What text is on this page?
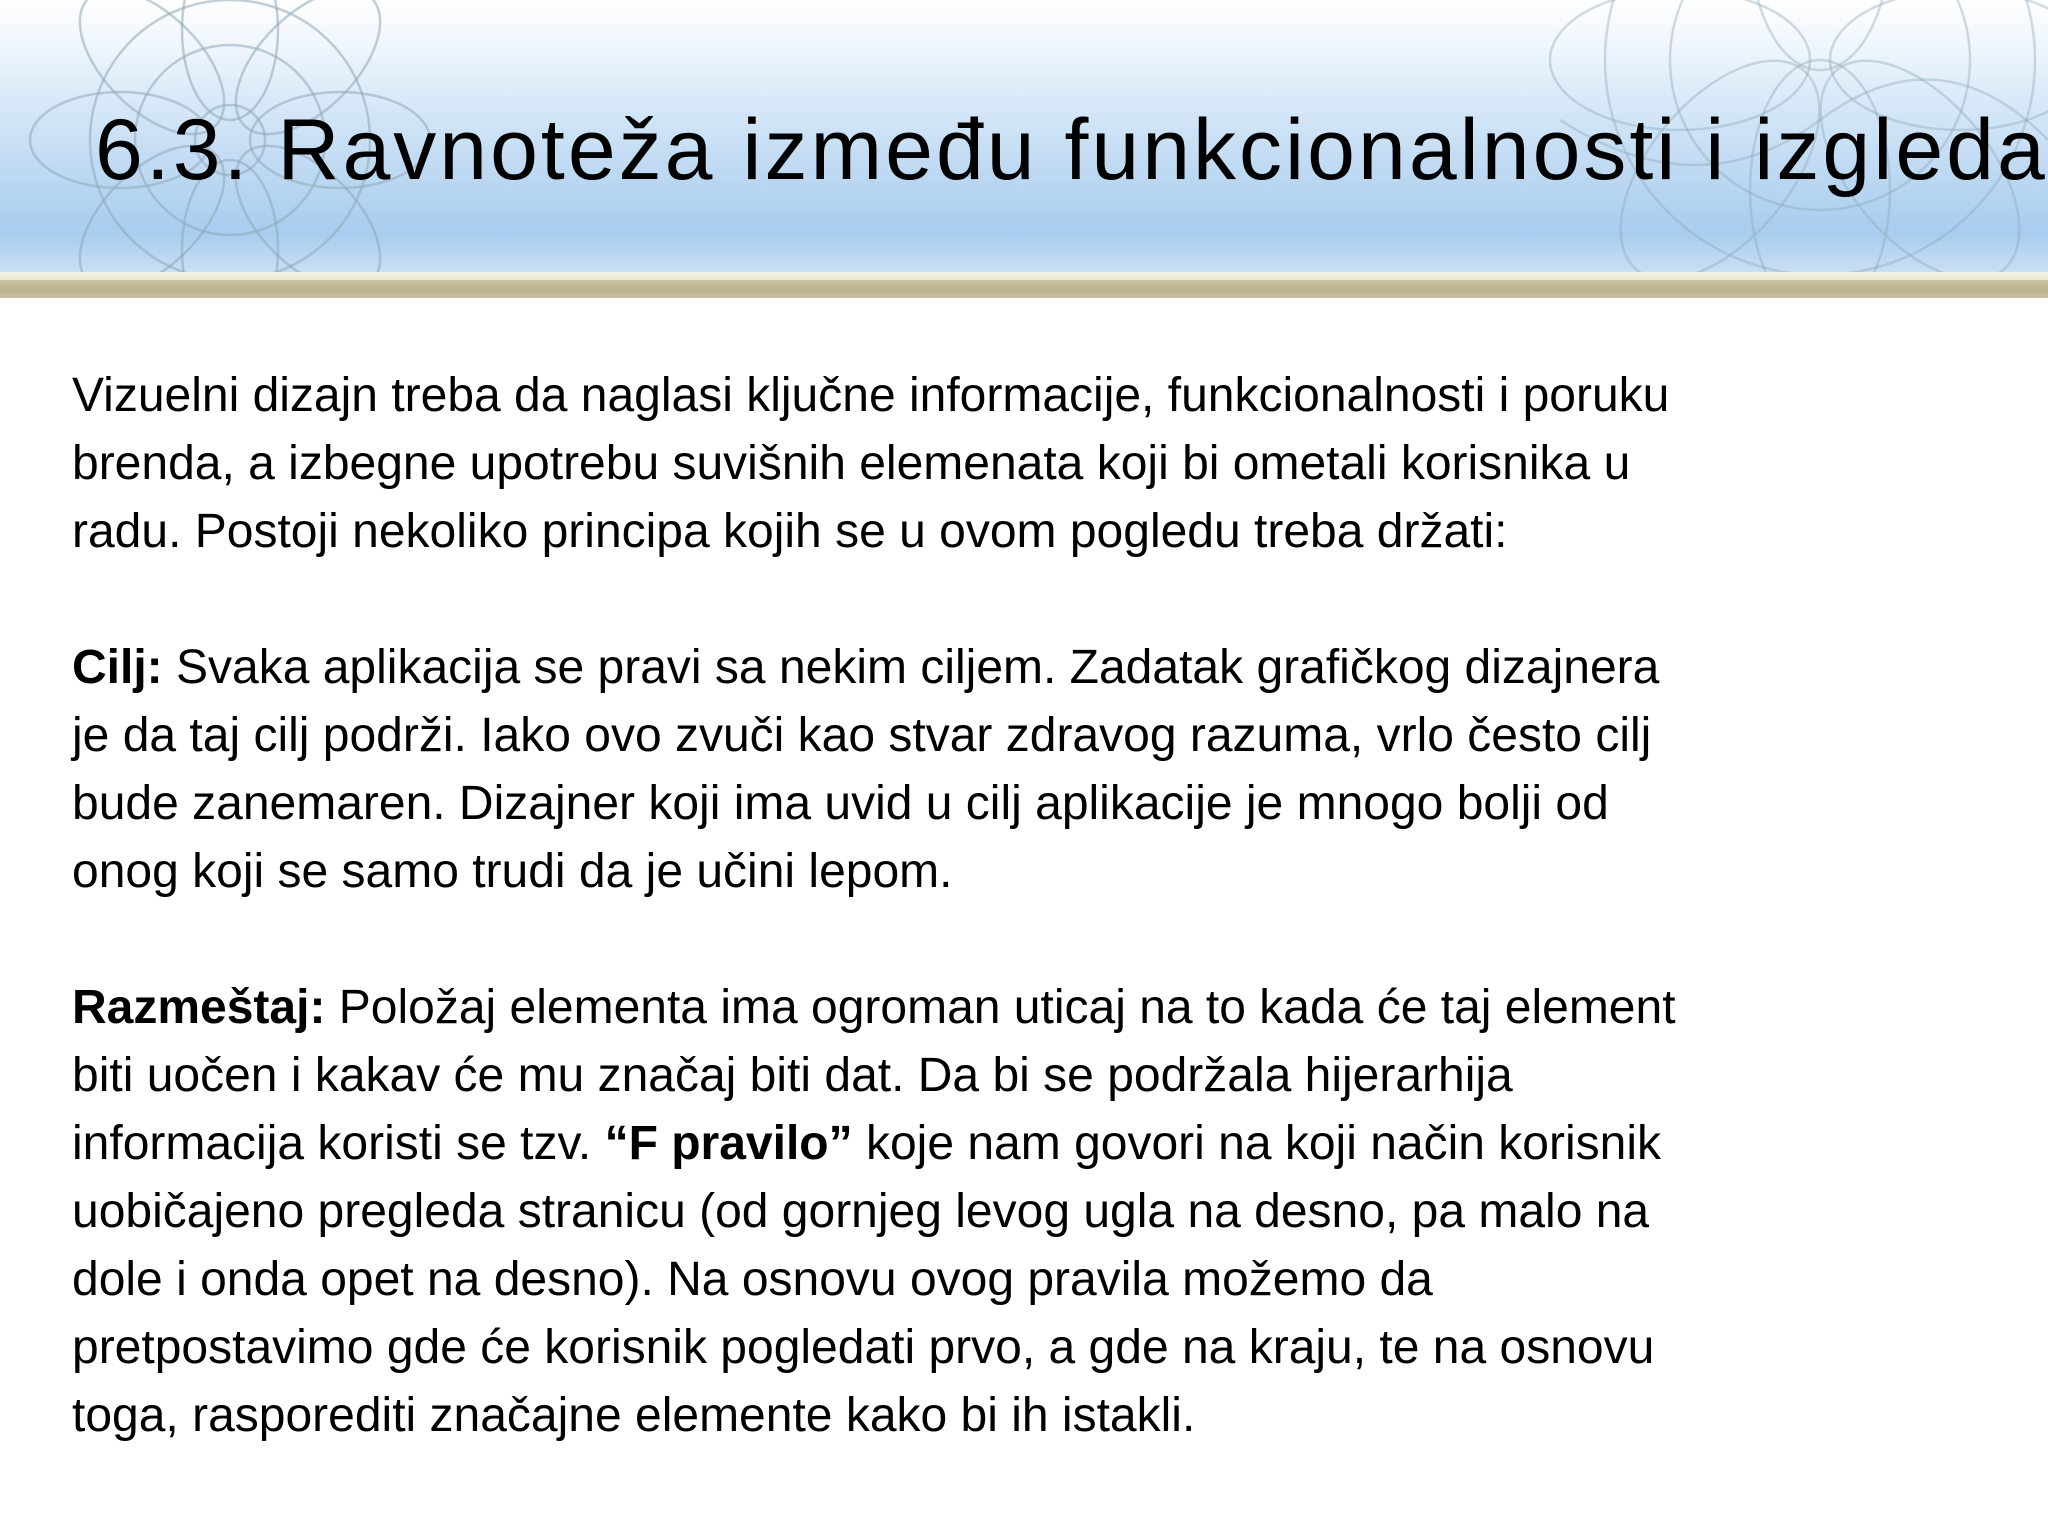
6.3. Ravnoteža između funkcionalnosti i izgleda
Vizuelni dizajn treba da naglasi ključne informacije, funkcionalnosti i poruku
brenda, a izbegne upotrebu suvišnih elemenata koji bi ometali korisnika u
radu. Postoji nekoliko principa kojih se u ovom pogledu treba držati:
Cilj: Svaka aplikacija se pravi sa nekim ciljem. Zadatak grafičkog dizajnera
je da taj cilj podrži. Iako ovo zvuči kao stvar zdravog razuma, vrlo često cilj
bude zanemaren. Dizajner koji ima uvid u cilj aplikacije je mnogo bolji od
onog koji se samo trudi da je učini lepom.
Razmeštaj: Položaj elementa ima ogroman uticaj na to kada će taj element
biti uočen i kakav će mu značaj biti dat. Da bi se podržala hijerarhija
informacija koristi se tzv. “F pravilo” koje nam govori na koji način korisnik
uobičajeno pregleda stranicu (od gornjeg levog ugla na desno, pa malo na
dole i onda opet na desno). Na osnovu ovog pravila možemo da
pretpostavimo gde će korisnik pogledati prvo, a gde na kraju, te na osnovu
toga, rasporediti značajne elemente kako bi ih istakli.
